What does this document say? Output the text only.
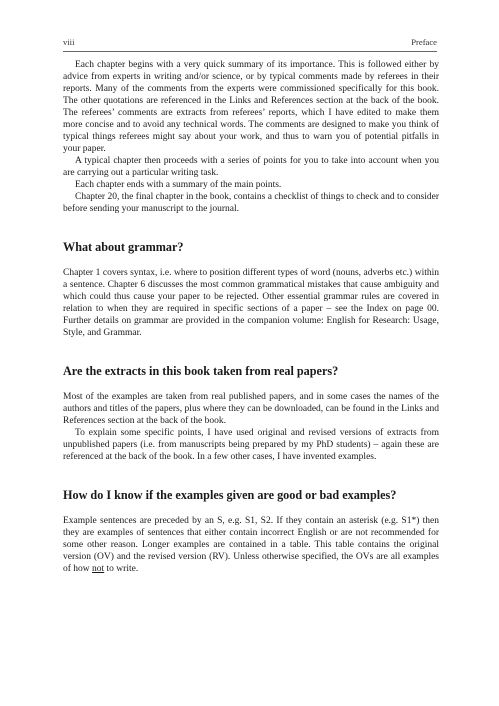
viii	Preface

Each chapter begins with a very quick summary of its importance. This is followed either by advice from experts in writing and/or science, or by typical comments made by referees in their reports. Many of the comments from the experts were commissioned specifically for this book. The other quotations are referenced in the Links and References section at the back of the book. The referees’ comments are extracts from referees’ reports, which I have edited to make them more concise and to avoid any technical words. The comments are designed to make you think of typical things referees might say about your work, and thus to warn you of potential pitfalls in your paper.

A typical chapter then proceeds with a series of points for you to take into account when you are carrying out a particular writing task.

Each chapter ends with a summary of the main points.

Chapter 20, the final chapter in the book, contains a checklist of things to check and to consider before sending your manuscript to the journal.

What about grammar?

Chapter 1 covers syntax, i.e. where to position different types of word (nouns, adverbs etc.) within a sentence. Chapter 6 discusses the most common grammatical mistakes that cause ambiguity and which could thus cause your paper to be rejected. Other essential grammar rules are covered in relation to when they are required in specific sections of a paper – see the Index on page 00. Further details on grammar are provided in the companion volume: English for Research: Usage, Style, and Grammar.

Are the extracts in this book taken from real papers?

Most of the examples are taken from real published papers, and in some cases the names of the authors and titles of the papers, plus where they can be downloaded, can be found in the Links and References section at the back of the book.

To explain some specific points, I have used original and revised versions of extracts from unpublished papers (i.e. from manuscripts being prepared by my PhD students) – again these are referenced at the back of the book. In a few other cases, I have invented examples.

How do I know if the examples given are good or bad examples?

Example sentences are preceded by an S, e.g. S1, S2. If they contain an asterisk (e.g. S1*) then they are examples of sentences that either contain incorrect English or are not recommended for some other reason. Longer examples are contained in a table. This table contains the original version (OV) and the revised version (RV). Unless otherwise specified, the OVs are all examples of how not to write.
